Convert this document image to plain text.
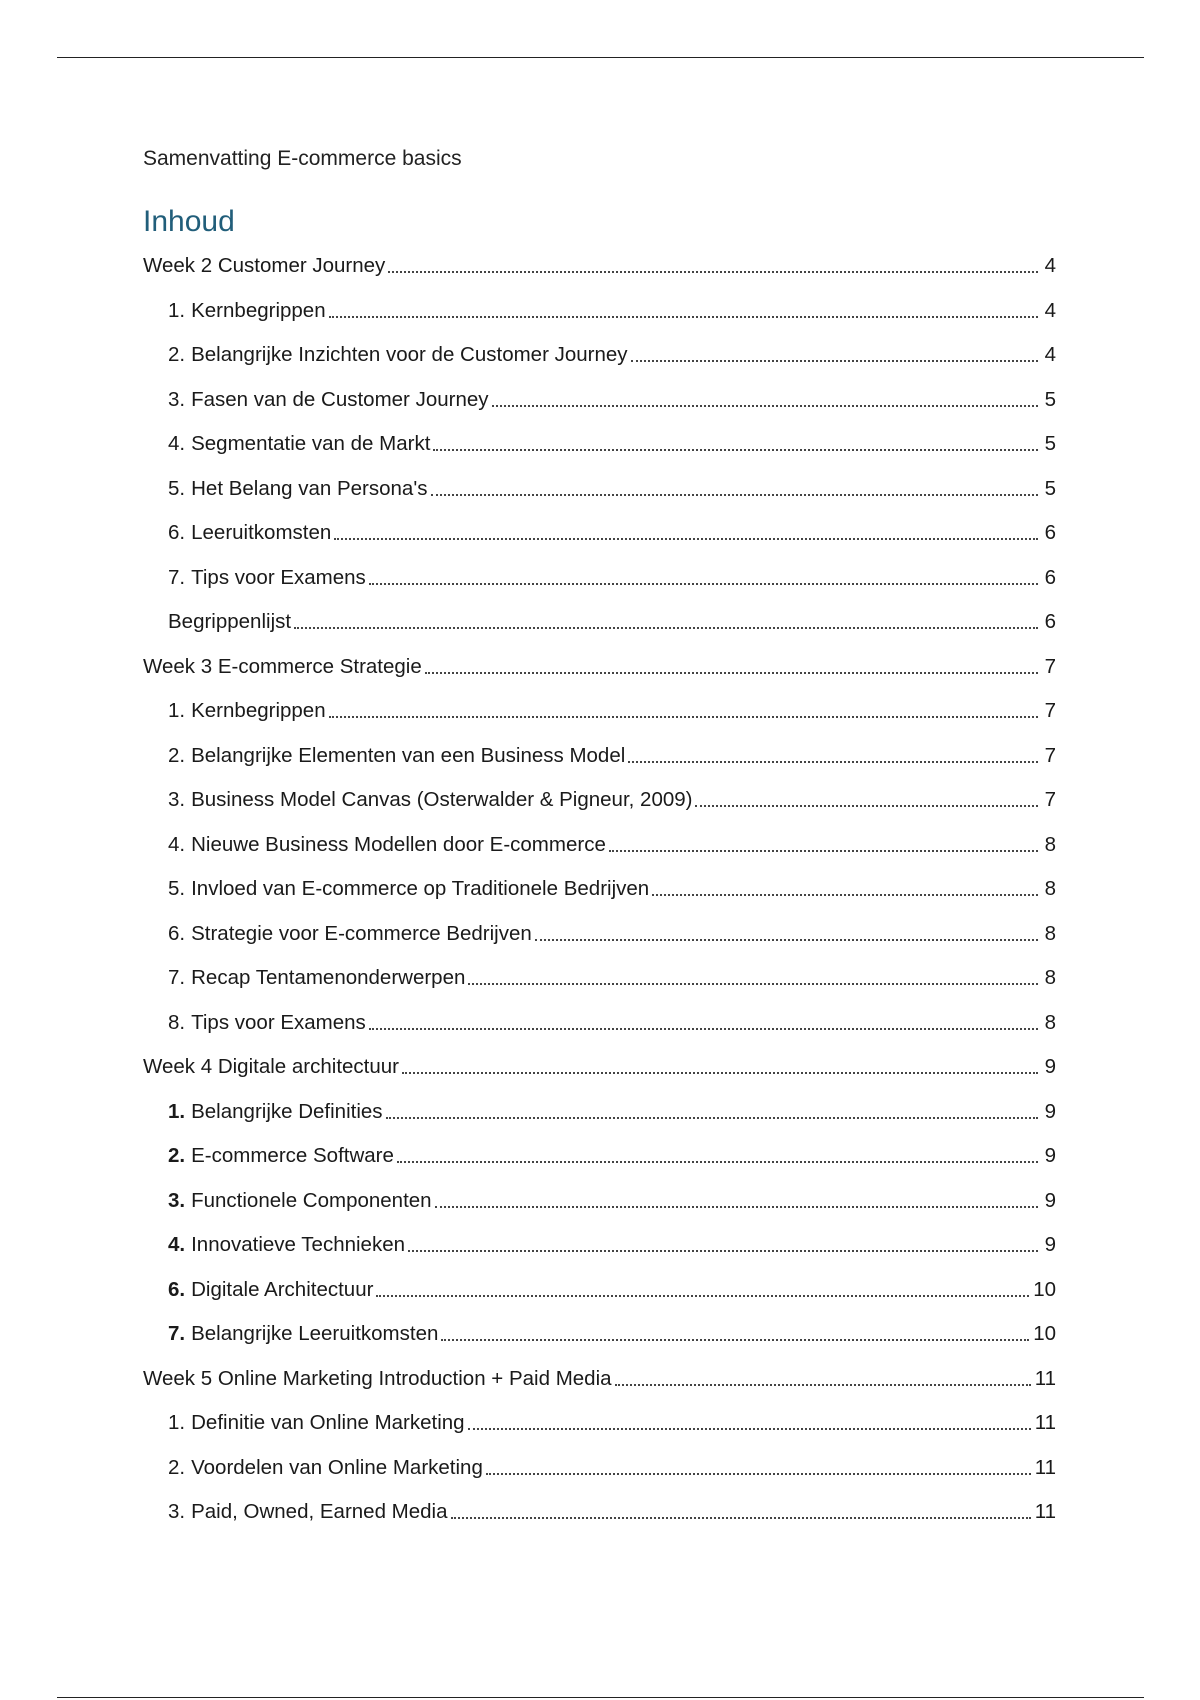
Samenvatting E-commerce basics
Inhoud
Week 2 Customer Journey	4
1. Kernbegrippen	4
2. Belangrijke Inzichten voor de Customer Journey	4
3. Fasen van de Customer Journey	5
4. Segmentatie van de Markt	5
5. Het Belang van Persona's	5
6. Leeruitkomsten	6
7. Tips voor Examens	6
Begrippenlijst	6
Week 3 E-commerce Strategie	7
1. Kernbegrippen	7
2. Belangrijke Elementen van een Business Model	7
3. Business Model Canvas (Osterwalder & Pigneur, 2009)	7
4. Nieuwe Business Modellen door E-commerce	8
5. Invloed van E-commerce op Traditionele Bedrijven	8
6. Strategie voor E-commerce Bedrijven	8
7. Recap Tentamenonderwerpen	8
8. Tips voor Examens	8
Week 4 Digitale architectuur	9
1. Belangrijke Definities	9
2. E-commerce Software	9
3. Functionele Componenten	9
4. Innovatieve Technieken	9
6. Digitale Architectuur	10
7. Belangrijke Leeruitkomsten	10
Week 5 Online Marketing Introduction + Paid Media	11
1. Definitie van Online Marketing	11
2. Voordelen van Online Marketing	11
3. Paid, Owned, Earned Media	11
